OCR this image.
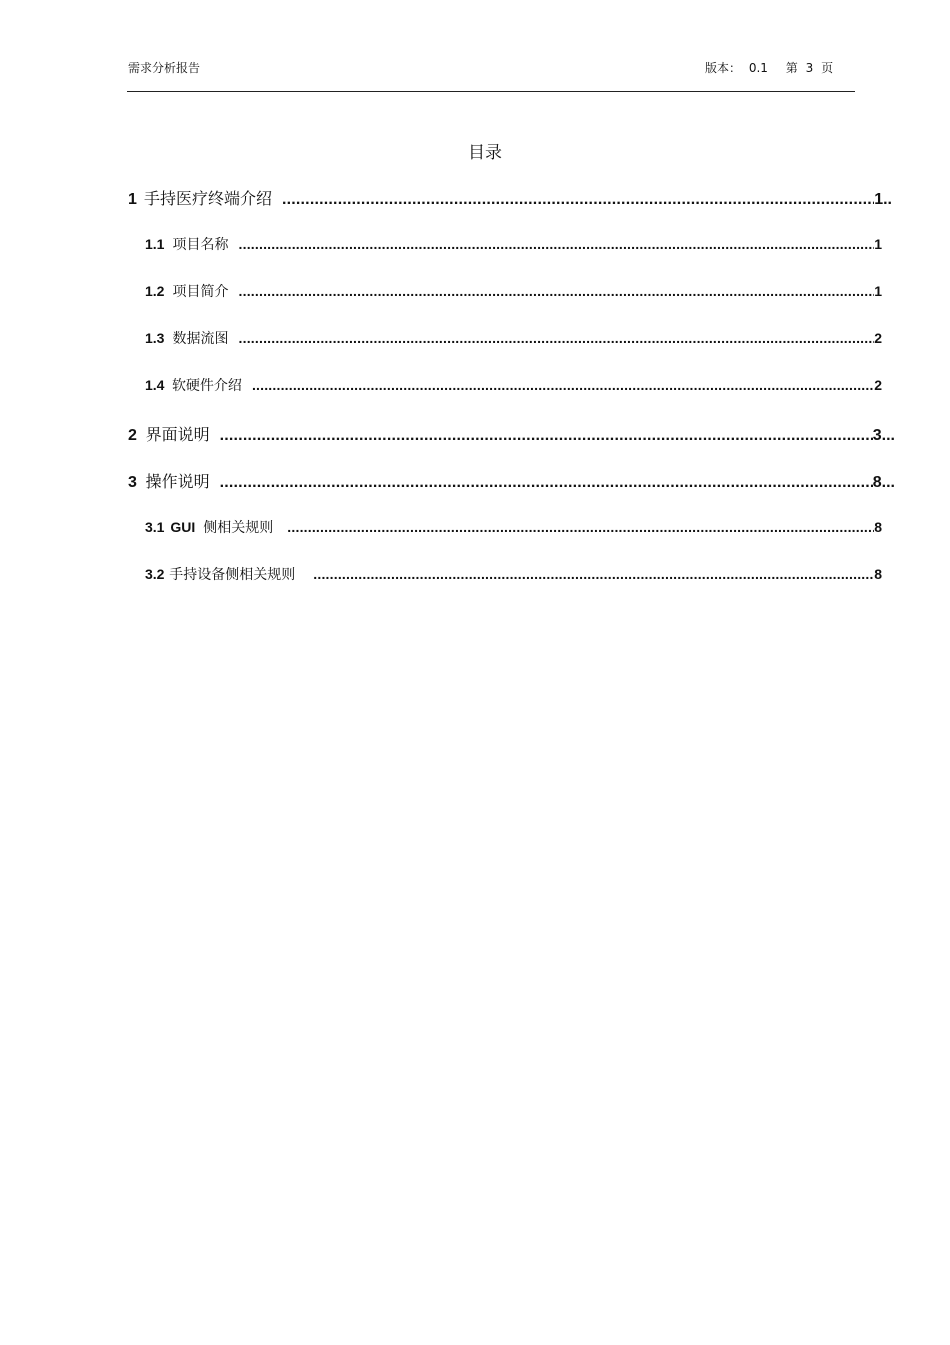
需求分析报告	版本： 0.1 第 3 页
目录
1 手持医疗终端介绍 .....	1..
1.1 项目名称 .....	1
1.2 项目简介 .....	1
1.3 数据流图 .....	2
1.4 软硬件介绍 .....	2
2 界面说明 .....	3...
3 操作说明 .....	8...
3.1 GUI 侧相关规则 .....	8
3.2 手持设备侧相关规则 .....	8
